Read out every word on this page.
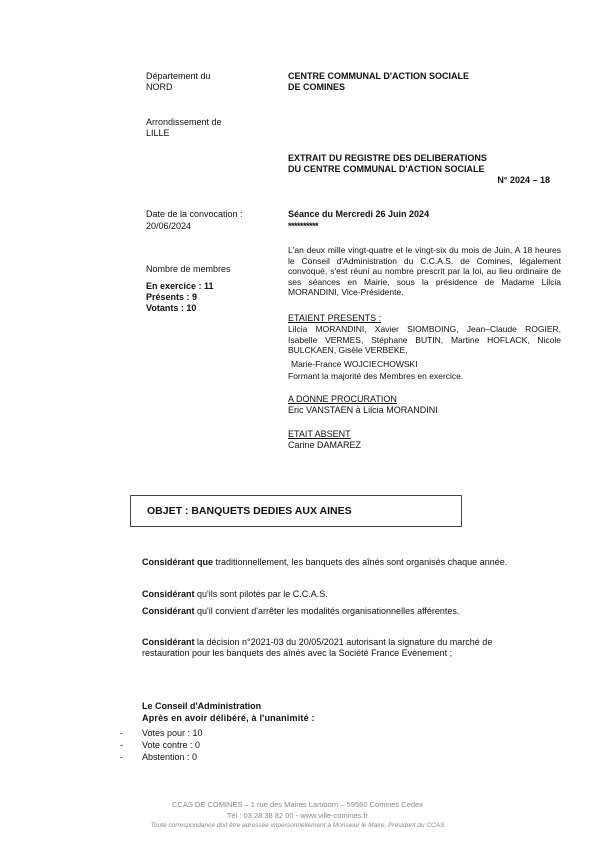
Département du
NORD
Arrondissement de
LILLE
CENTRE COMMUNAL D'ACTION SOCIALE
DE COMINES
EXTRAIT DU REGISTRE DES DELIBERATIONS
DU CENTRE COMMUNAL D'ACTION SOCIALE
N° 2024 – 18
Date de la convocation :
20/06/2024
Séance du Mercredi 26 Juin 2024
**********
L'an deux mille vingt-quatre et le vingt-six du mois de Juin, A 18 heures le Conseil d'Administration du C.C.A.S. de Comines, légalement convoqué, s'est réuni au nombre prescrit par la loi, au lieu ordinaire de ses séances en Mairie, sous la présidence de Madame Lilcia MORANDINI, Vice-Présidente.
Nombre de membres
En exercice : 11
Présents : 9
Votants : 10
ETAIENT PRESENTS :
Lilcia MORANDINI, Xavier SIOMBOING, Jean–Claude ROGIER, Isabelle VERMES, Stéphane BUTIN, Martine HOFLACK, Nicole BULCKAEN, Gisèle VERBEKE,
Marie-France WOJCIECHOWSKI
Formant la majorité des Membres en exercice.
A DONNE PROCURATION
Eric VANSTAEN à Lilcia MORANDINI
ETAIT ABSENT
Carine DAMAREZ
OBJET : BANQUETS DEDIES AUX AINES
Considérant que traditionnellement, les banquets des aînés sont organisés chaque année.
Considérant qu'ils sont pilotés par le C.C.A.S.
Considérant qu'il convient d'arrêter les modalités organisationnelles afférentes.
Considérant la décision n°2021-03 du 20/05/2021 autorisant la signature du marché de restauration pour les banquets des aînés avec la Société France Evènement ;
Le Conseil d'Administration
Après en avoir délibéré, à l'unanimité :
- Votes pour : 10
- Vote contre : 0
- Abstention : 0
CCAS DE COMINES – 1 rue des Maires Lamborn – 59560 Comines Cedex
Tél : 03 28 38 82 00 - www.ville-comines.fr
Toute correspondance doit être adressée impersonnellement à Monsieur le Maire, Président du CCAS
